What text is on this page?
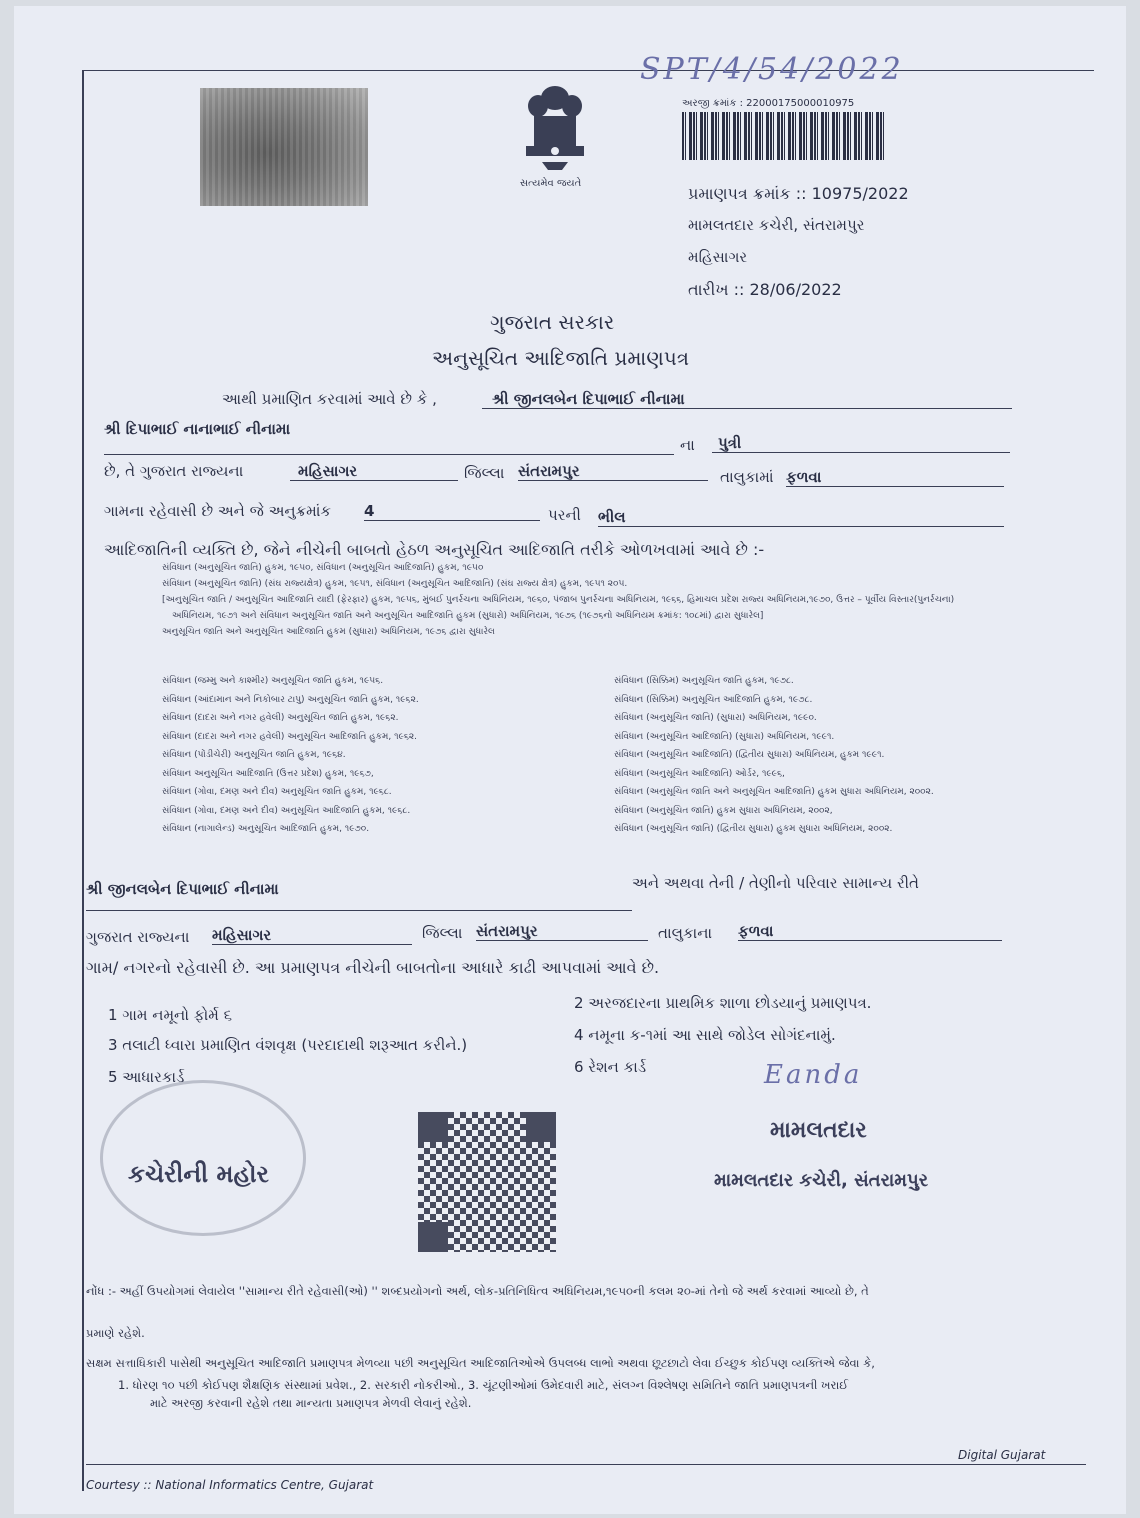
SPT/4/54/2022
સત્યમેવ જયતે
અરજી ક્રમાંક : 22000175000010975
પ્રમાણપત્ર ક્રમાંક :: 10975/2022
મામલતદાર કચેરી, સંતરામપુર
મહિસાગર
તારીખ :: 28/06/2022
ગુજરાત સરકાર
અનુસૂચિત આદિજાતિ પ્રમાણપત્ર
આથી પ્રમાણિત કરવામાં આવે છે કે ,	શ્રી જીનલબેન દિપાભાઈ નીનામા
શ્રી દિપાભાઈ નાનાભાઈ નીનામા
ના	પુત્રી
છે, તે ગુજરાત રાજ્યના	મહિસાગર	જિલ્લા સંતરામપુર	તાલુકામાં ફળવા
ગામના રહેવાસી છે અને જે અનુક્રમાંક 4	પરની ભીલ
આદિજાતિની વ્યક્તિ છે, જેને નીચેની બાબતો હેઠળ અનુસૂચિત આદિજાતિ તરીકે ઓળખવામાં આવે છે :-
સંવિધાન (અનુસૂચિત જાતિ) હુકમ, ૧૯૫૦, સંવિધાન (અનુસૂચિત આદિજાતિ) હુકમ, ૧૯૫૦
સંવિધાન (અનુસૂચિત જાતિ) (સંઘ રાજ્યક્ષેત્ર) હુકમ, ૧૯૫૧, સંવિધાન (અનુસૂચિત આદિજાતિ) (સંઘ રાજ્ય ક્ષેત્ર) હુકમ, ૧૯૫૧ ૨૦૫.
[અનુસૂચિત જાતિ / અનુસૂચિત આદિજાતિ યાદી (ફેરફાર) હુકમ, ૧૯૫૬, મુંબઈ પુનર્રચના અધિનિયમ, ૧૯૬૦, પંજાબ પુનર્રચના અધિનિયમ, ૧૯૬૬, હિમાચલ પ્રદેશ રાજ્ય અધિનિયમ,૧૯૭૦, ઉત્તર – પૂર્વીય વિસ્તાર(પુનર્રચના)
અધિનિયમ, ૧૯૭૧ અને સંવિધાન અનુસૂચિત જાતિ અને અનુસૂચિત આદિજાતિ હુકમ (સુધારો) અધિનિયમ, ૧૯૭૬ (૧૯૭૬નો અધિનિયમ ક્રમાંક: ૧૦૮માં) દ્વારા સુધારેલ]
અનુસૂચિત જાતિ અને અનુસૂચિત આદિજાતિ હુકમ (સુધારા) અધિનિયમ, ૧૯૭૬ દ્વારા સુધારેલ
સંવિધાન (જમ્મુ અને કાશ્મીર) અનુસૂચિત જાતિ હુકમ, ૧૯૫૬.
સંવિધાન (આંદામાન અને નિકોબાર ટાપુ) અનુસૂચિત જાતિ હુકમ, ૧૯૬૨.
સંવિધાન (દાદરા અને નગર હવેલી) અનુસૂચિત જાતિ હુકમ, ૧૯૬૨.
સંવિધાન (દાદરા અને નગર હવેલી) અનુસૂચિત આદિજાતિ હુકમ, ૧૯૬૨.
સંવિધાન (પોંડીચેરી) અનુસૂચિત જાતિ હુકમ, ૧૯૬૪.
સંવિધાન અનુસૂચિત આદિજાતિ (ઉત્તર પ્રદેશ) હુકમ, ૧૯૬૭,
સંવિધાન (ગોવા, દમણ અને દીવ) અનુસૂચિત જાતિ હુકમ, ૧૯૬૮.
સંવિધાન (ગોવા, દમણ અને દીવ) અનુસૂચિત આદિજાતિ હુકમ, ૧૯૬૮.
સંવિધાન (નાગાલેન્ડ) અનુસૂચિત આદિજાતિ હુકમ, ૧૯૭૦.
સંવિધાન (સિક્કિમ) અનુસૂચિત જાતિ હુકમ, ૧૯૭૮.
સંવિધાન (સિક્કિમ) અનુસૂચિત આદિજાતિ હુકમ, ૧૯૭૮.
સંવિધાન (અનુસૂચિત જાતિ) (સુધારા) અધિનિયમ, ૧૯૯૦.
સંવિધાન (અનુસૂચિત આદિજાતિ) (સુધારા) અધિનિયમ, ૧૯૯૧.
સંવિધાન (અનુસૂચિત આદિજાતિ) (દ્વિતીય સુધારા) અધિનિયમ, હુકમ ૧૯૯૧.
સંવિધાન (અનુસૂચિત આદિજાતિ) ઓર્ડર, ૧૯૯૬,
સંવિધાન (અનુસૂચિત જાતિ અને અનુસૂચિત આદિજાતિ) હુકમ સુધારા અધિનિયમ, ૨૦૦૨.
સંવિધાન (અનુસૂચિત જાતિ) હુકમ સુધારા અધિનિયમ, ૨૦૦૨,
સંવિધાન (અનુસૂચિત જાતિ) (દ્વિતીય સુધારા) હુકમ સુધારા અધિનિયમ, ૨૦૦૨.
શ્રી જીનલબેન દિપાભાઈ નીનામા	અને અથવા તેની / તેણીનો પરિવાર સામાન્ય રીતે
ગુજરાત રાજ્યના મહિસાગર	જિલ્લા સંતરામપુર	તાલુકાના ફળવા
ગામ/ નગરનો રહેવાસી છે. આ પ્રમાણપત્ર નીચેની બાબતોના આધારે કાઢી આપવામાં આવે છે.
1 ગામ નમૂનો ફોર્મ ૬
2 અરજદારના પ્રાથમિક શાળા છોડયાનું પ્રમાણપત્ર.
3 તલાટી ધ્વારા પ્રમાણિત વંશવૃક્ષ (પરદાદાથી શરૂઆત કરીને.)
4 નમૂના ક-૧માં આ સાથે જોડેલ સોગંદનામું.
5 આધારકાર્ડ
6 રેશન કાર્ડ
કચેરીની મહોર
Eanda
મામલતદાર
મામલતદાર કચેરી, સંતરામપુર
નોંધ :- અહીં ઉપયોગમાં લેવાયેલ ''સામાન્ય રીતે રહેવાસી(ઓ) '' શબ્દપ્રયોગનો અર્થ, લોક-પ્રતિનિધિત્વ અધિનિયમ,૧૯૫૦ની કલમ ૨૦-માં તેનો જે અર્થ કરવામાં આવ્યો છે, તે
પ્રમાણે રહેશે.
સક્ષમ સત્તાધિકારી પાસેથી અનુસૂચિત આદિજાતિ પ્રમાણપત્ર મેળવ્યા પછી અનુસૂચિત આદિજાતિઓએ ઉપલબ્ધ લાભો અથવા છૂટછાટો લેવા ઈચ્છુક કોઈપણ વ્યક્તિએ જેવા કે,
1. ધોરણ ૧૦ પછી કોઈપણ શૈક્ષણિક સંસ્થામાં પ્રવેશ., 2. સરકારી નોકરીઓ., 3. ચૂંટણીઓમાં ઉમેદવારી માટે, સંલગ્ન વિશ્લેષણ સમિતિને જાતિ પ્રમાણપત્રની ખરાઈ
માટે અરજી કરવાની રહેશે તથા માન્યતા પ્રમાણપત્ર મેળવી લેવાનું રહેશે.
Digital Gujarat
Courtesy :: National Informatics Centre, Gujarat
